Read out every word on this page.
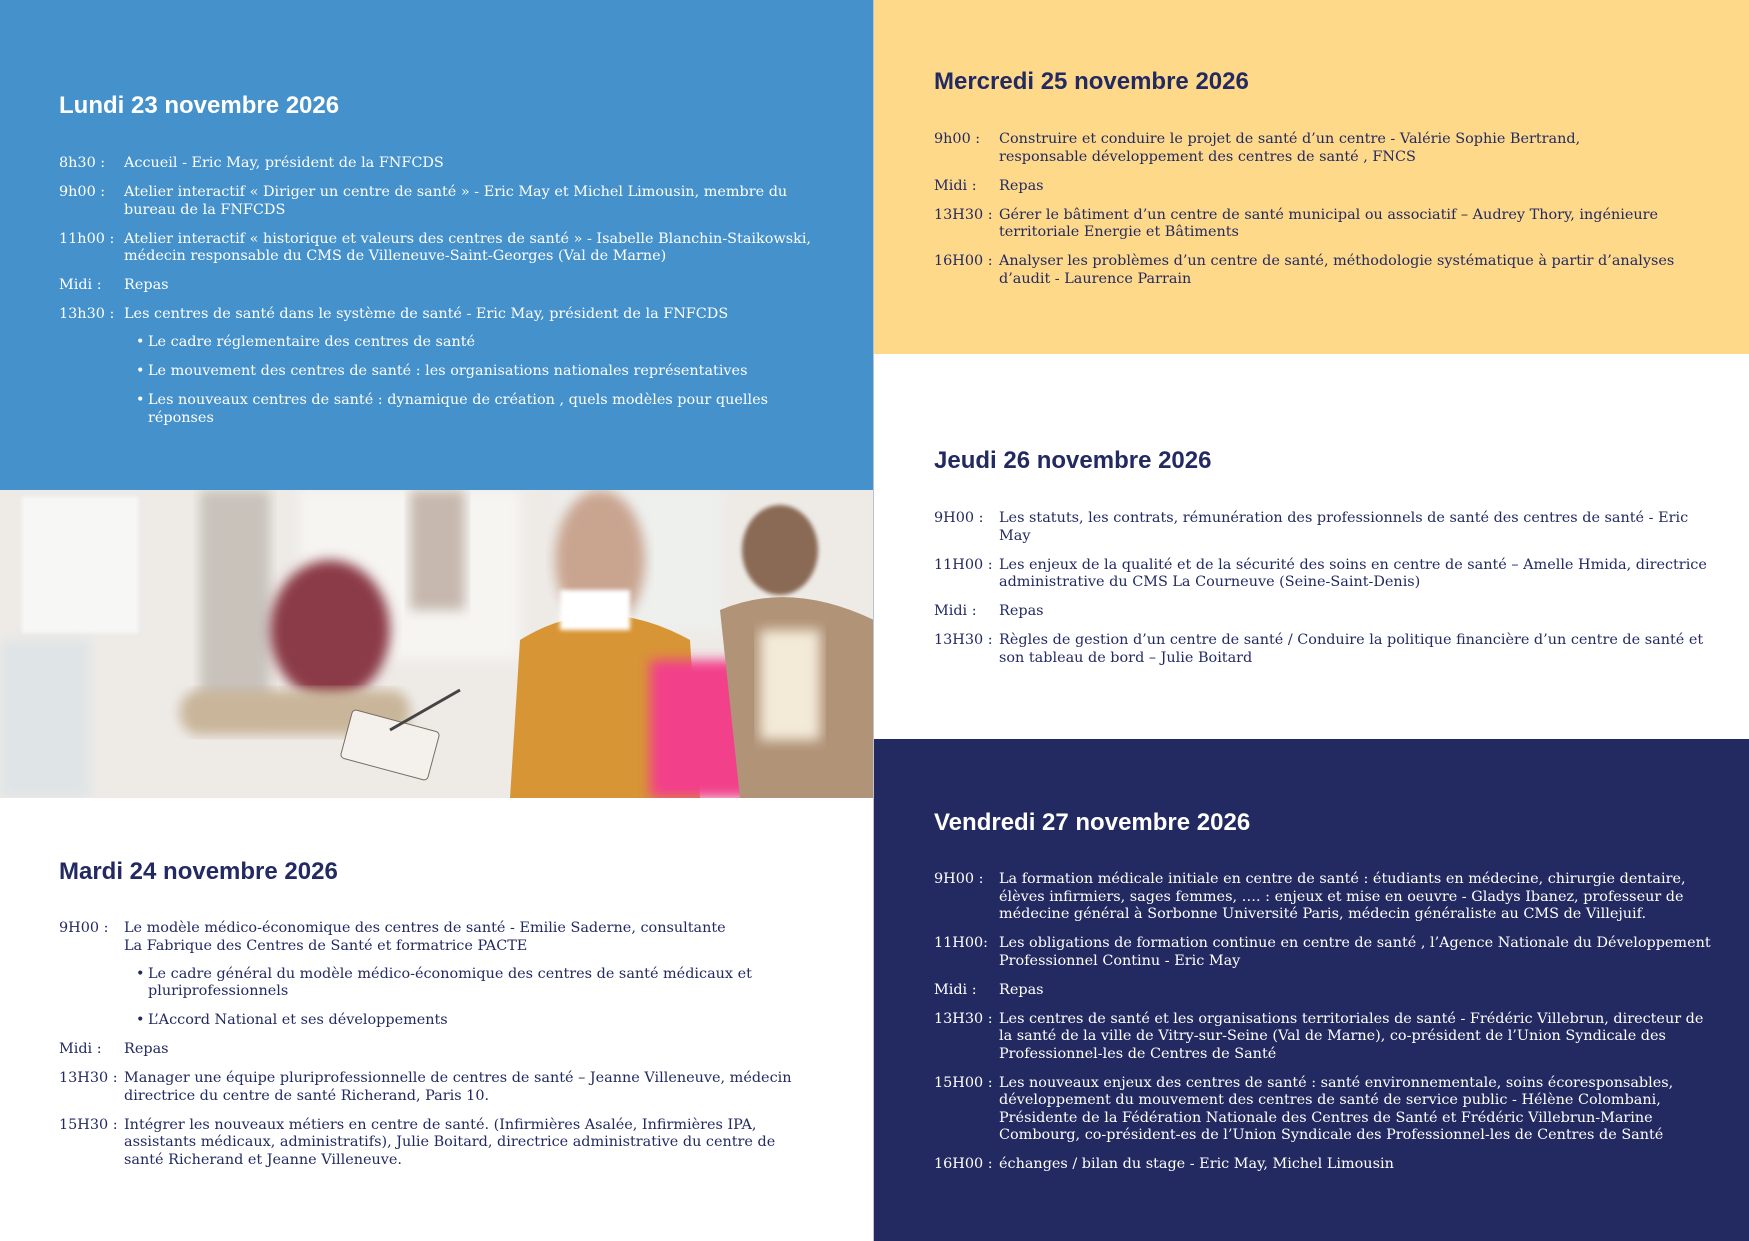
Lundi 23 novembre 2026
8h30 :	Accueil - Eric May, président de la FNFCDS
9h00 :	Atelier interactif « Diriger un centre de santé » - Eric May et Michel Limousin, membre du bureau de la FNFCDS
11h00 : Atelier interactif « historique et valeurs des centres de santé » - Isabelle Blanchin-Staikowski, médecin responsable du CMS de Villeneuve-Saint-Georges (Val de Marne)
Midi :	Repas
13h30 : Les centres de santé dans le système de santé - Eric May, président de la FNFCDS
• Le cadre réglementaire des centres de santé
• Le mouvement des centres de santé : les organisations nationales représentatives
• Les nouveaux centres de santé : dynamique de création , quels modèles pour quelles réponses
Mardi 24 novembre 2026
9H00 :	Le modèle médico-économique des centres de santé - Emilie Saderne, consultante
La Fabrique des Centres de Santé et formatrice PACTE
• Le cadre général du modèle médico-économique des centres de santé médicaux et pluriprofessionnels
• L’Accord National et ses développements
Midi :	Repas
13H30 : Manager une équipe pluriprofessionnelle de centres de santé – Jeanne Villeneuve, médecin directrice du centre de santé Richerand, Paris 10.
15H30 : Intégrer les nouveaux métiers en centre de santé. (Infirmières Asalée, Infirmières IPA, assistants médicaux, administratifs), Julie Boitard, directrice administrative du centre de santé Richerand et Jeanne Villeneuve.
Mercredi 25 novembre 2026
9h00 :	Construire et conduire le projet de santé d’un centre - Valérie Sophie Bertrand,
responsable développement des centres de santé , FNCS
Midi :	Repas
13H30 : Gérer le bâtiment d’un centre de santé municipal ou associatif – Audrey Thory, ingénieure territoriale Energie et Bâtiments
16H00 : Analyser les problèmes d’un centre de santé, méthodologie systématique à partir d’analyses d’audit - Laurence Parrain
Jeudi 26 novembre 2026
9H00 :	Les statuts, les contrats, rémunération des professionnels de santé des centres de santé - Eric May
11H00 : Les enjeux de la qualité et de la sécurité des soins en centre de santé – Amelle Hmida, directrice administrative du CMS La Courneuve (Seine-Saint-Denis)
Midi :	Repas
13H30 : Règles de gestion d’un centre de santé / Conduire la politique financière d’un centre de santé et son tableau de bord – Julie Boitard
Vendredi 27 novembre 2026
9H00 :	La formation médicale initiale en centre de santé : étudiants en médecine, chirurgie dentaire, élèves infirmiers, sages femmes, …. : enjeux et mise en oeuvre - Gladys Ibanez, professeur de médecine général à Sorbonne Université Paris, médecin généraliste au CMS de Villejuif.
11H00: Les obligations de formation continue en centre de santé , l’Agence Nationale du Développement Professionnel Continu - Eric May
Midi :	Repas
13H30 : Les centres de santé et les organisations territoriales de santé - Frédéric Villebrun, directeur de la santé de la ville de Vitry-sur-Seine (Val de Marne), co-président de l’Union Syndicale des Professionnel-les de Centres de Santé
15H00 : Les nouveaux enjeux des centres de santé : santé environnementale, soins écoresponsables, développement du mouvement des centres de santé de service public - Hélène Colombani, Présidente de la Fédération Nationale des Centres de Santé et Frédéric Villebrun-Marine Combourg, co-président-es de l’Union Syndicale des Professionnel-les de Centres de Santé
16H00 : échanges / bilan du stage - Eric May, Michel Limousin
